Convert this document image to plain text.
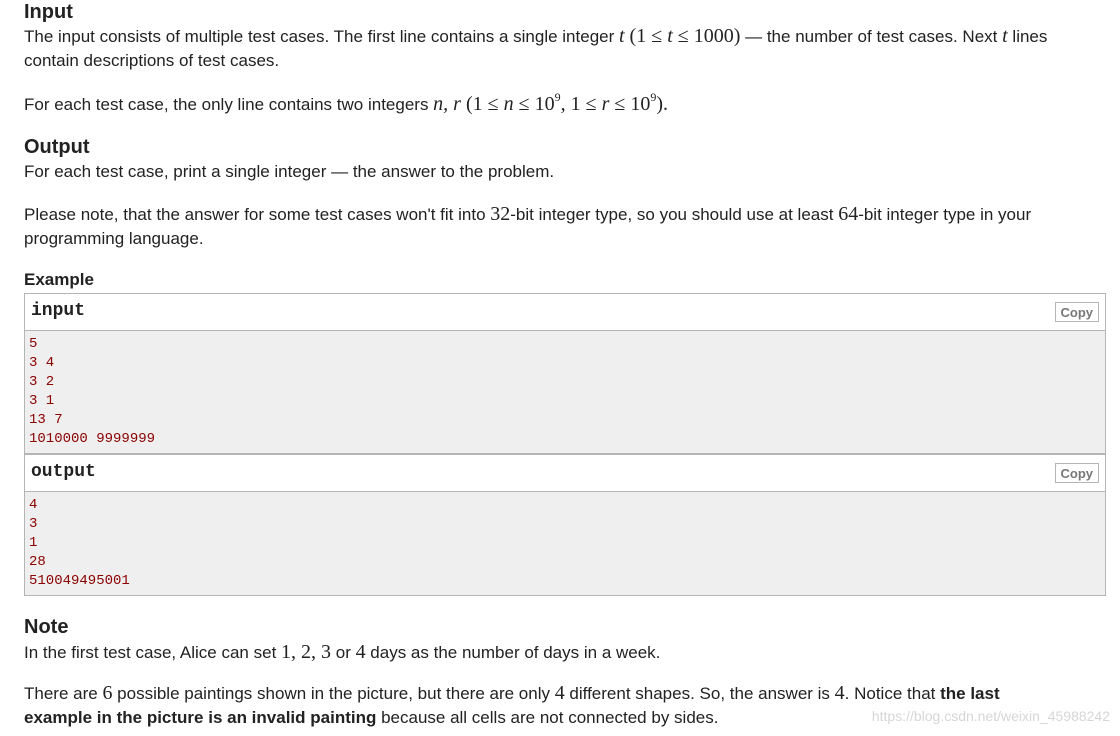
Input

The input consists of multiple test cases. The first line contains a single integer t (1 ≤ t ≤ 1000) — the number of test cases. Next t lines

contain descriptions of test cases.

For each test case, the only line contains two integers n, r ($1 \le n \le 10^9$, $1 \le r \le 10^9$).

Output

For each test case, print a single integer — the answer to the problem.

Please note, that the answer for some test cases won't fit into 32-bit integer type, so you should use at least 64-bit integer type in your

programming language.

Example

input	Copy
5
3 4
3 2
3 1
13 7
1010000 9999999
output	Copy
4
3
1
28
510049495001
Note

In the first test case, Alice can set 1, 2, 3 or 4 days as the number of days in a week.

There are 6 possible paintings shown in the picture, but there are only 4 different shapes. So, the answer is 4. Notice that the last

example in the picture is an invalid painting because all cells are not connected by sides.	https://blog.csdn.net/weixin_45988242
